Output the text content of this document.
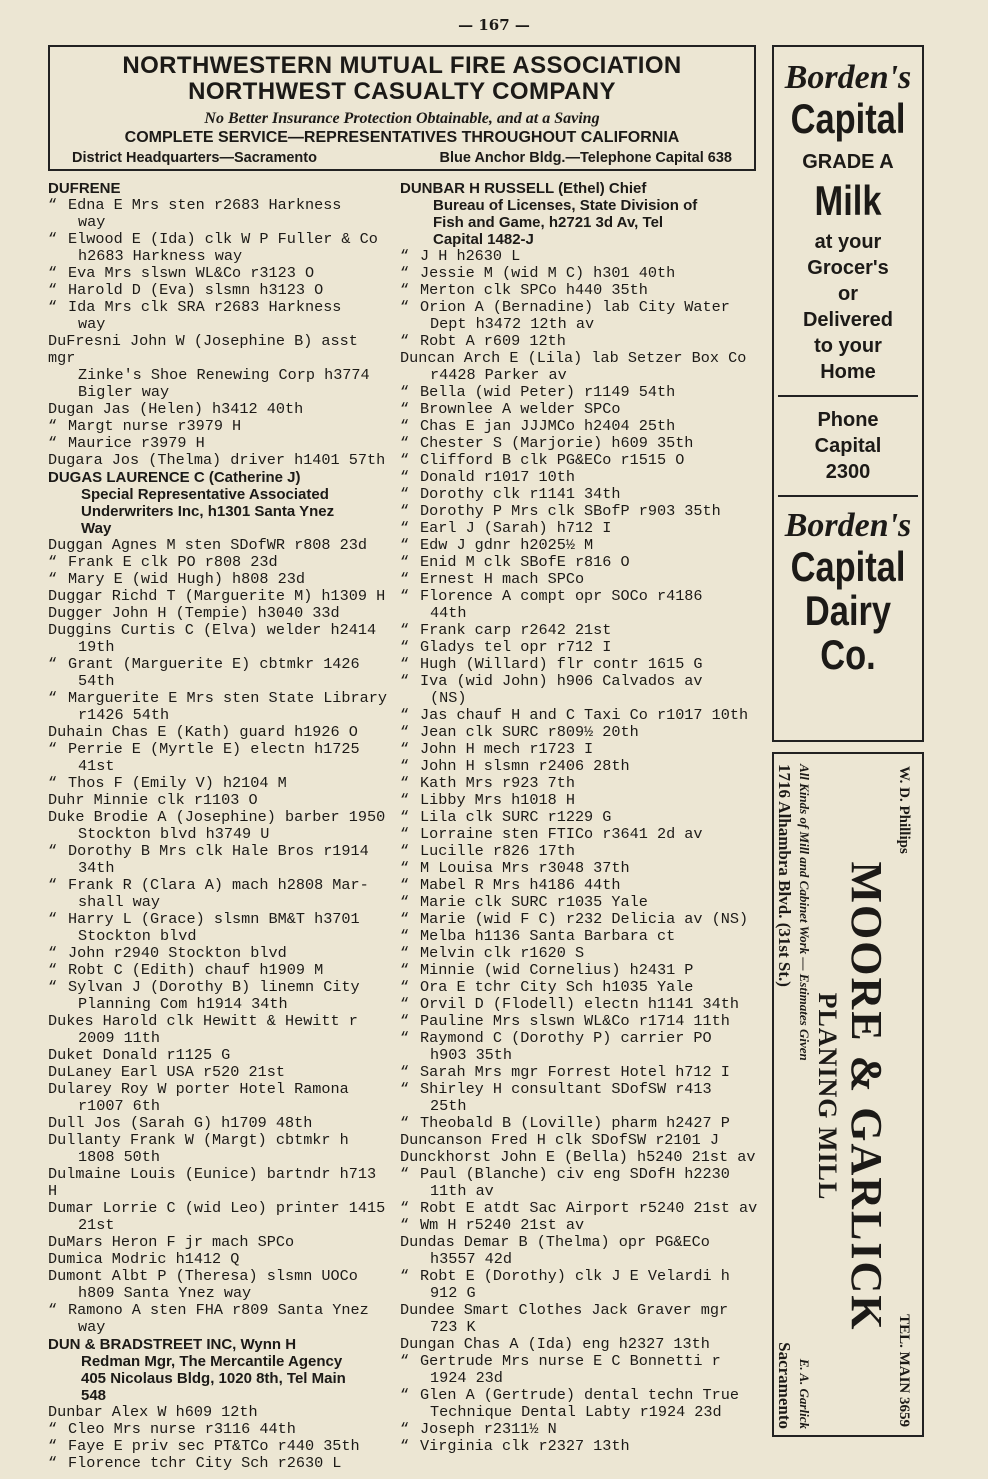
— 167 —
NORTHWESTERN MUTUAL FIRE ASSOCIATION
NORTHWEST CASUALTY COMPANY
No Better Insurance Protection Obtainable, and at a Saving
COMPLETE SERVICE—REPRESENTATIVES THROUGHOUT CALIFORNIA
District Headquarters—Sacramento	Blue Anchor Bldg.—Telephone Capital 638
DUFRENE
“ Edna E Mrs sten r2683 Harkness
way
“ Elwood E (Ida) clk W P Fuller & Co
h2683 Harkness way
“ Eva Mrs slswn WL&Co r3123 O
“ Harold D (Eva) slsmn h3123 O
“ Ida Mrs clk SRA r2683 Harkness
way
DuFresni John W (Josephine B) asst mgr
Zinke's Shoe Renewing Corp h3774
Bigler way
Dugan Jas (Helen) h3412 40th
“ Margt nurse r3979 H
“ Maurice r3979 H
Dugara Jos (Thelma) driver h1401 57th
DUGAS LAURENCE C (Catherine J)
Special Representative Associated
Underwriters Inc, h1301 Santa Ynez
Way
Duggan Agnes M sten SDofWR r808 23d
“ Frank E clk PO r808 23d
“ Mary E (wid Hugh) h808 23d
Duggar Richd T (Marguerite M) h1309 H
Dugger John H (Tempie) h3040 33d
Duggins Curtis C (Elva) welder h2414
19th
“ Grant (Marguerite E) cbtmkr 1426
54th
“ Marguerite E Mrs sten State Library
r1426 54th
Duhain Chas E (Kath) guard h1926 O
“ Perrie E (Myrtle E) electn h1725
41st
“ Thos F (Emily V) h2104 M
Duhr Minnie clk r1103 O
Duke Brodie A (Josephine) barber 1950
Stockton blvd h3749 U
“ Dorothy B Mrs clk Hale Bros r1914
34th
“ Frank R (Clara A) mach h2808 Mar-
shall way
“ Harry L (Grace) slsmn BM&T h3701
Stockton blvd
“ John r2940 Stockton blvd
“ Robt C (Edith) chauf h1909 M
“ Sylvan J (Dorothy B) linemn City
Planning Com h1914 34th
Dukes Harold clk Hewitt & Hewitt r
2009 11th
Duket Donald r1125 G
DuLaney Earl USA r520 21st
Dularey Roy W porter Hotel Ramona
r1007 6th
Dull Jos (Sarah G) h1709 48th
Dullanty Frank W (Margt) cbtmkr h
1808 50th
Dulmaine Louis (Eunice) bartndr h713 H
Dumar Lorrie C (wid Leo) printer 1415
21st
DuMars Heron F jr mach SPCo
Dumica Modric h1412 Q
Dumont Albt P (Theresa) slsmn UOCo
h809 Santa Ynez way
“ Ramono A sten FHA r809 Santa Ynez
way
DUN & BRADSTREET INC, Wynn H
Redman Mgr, The Mercantile Agency
405 Nicolaus Bldg, 1020 8th, Tel Main
548
Dunbar Alex W h609 12th
“ Cleo Mrs nurse r3116 44th
“ Faye E priv sec PT&TCo r440 35th
“ Florence tchr City Sch r2630 L
DUNBAR H RUSSELL (Ethel) Chief
Bureau of Licenses, State Division of
Fish and Game, h2721 3d Av, Tel
Capital 1482-J
“ J H h2630 L
“ Jessie M (wid M C) h301 40th
“ Merton clk SPCo h440 35th
“ Orion A (Bernadine) lab City Water
Dept h3472 12th av
“ Robt A r609 12th
Duncan Arch E (Lila) lab Setzer Box Co
r4428 Parker av
“ Bella (wid Peter) r1149 54th
“ Brownlee A welder SPCo
“ Chas E jan JJJMCo h2404 25th
“ Chester S (Marjorie) h609 35th
“ Clifford B clk PG&ECo r1515 O
“ Donald r1017 10th
“ Dorothy clk r1141 34th
“ Dorothy P Mrs clk SBofP r903 35th
“ Earl J (Sarah) h712 I
“ Edw J gdnr h2025½ M
“ Enid M clk SBofE r816 O
“ Ernest H mach SPCo
“ Florence A compt opr SOCo r4186
44th
“ Frank carp r2642 21st
“ Gladys tel opr r712 I
“ Hugh (Willard) flr contr 1615 G
“ Iva (wid John) h906 Calvados av
(NS)
“ Jas chauf H and C Taxi Co r1017 10th
“ Jean clk SURC r809½ 20th
“ John H mech r1723 I
“ John H slsmn r2406 28th
“ Kath Mrs r923 7th
“ Libby Mrs h1018 H
“ Lila clk SURC r1229 G
“ Lorraine sten FTICo r3641 2d av
“ Lucille r826 17th
“ M Louisa Mrs r3048 37th
“ Mabel R Mrs h4186 44th
“ Marie clk SURC r1035 Yale
“ Marie (wid F C) r232 Delicia av (NS)
“ Melba h1136 Santa Barbara ct
“ Melvin clk r1620 S
“ Minnie (wid Cornelius) h2431 P
“ Ora E tchr City Sch h1035 Yale
“ Orvil D (Flodell) electn h1141 34th
“ Pauline Mrs slswn WL&Co r1714 11th
“ Raymond C (Dorothy P) carrier PO
h903 35th
“ Sarah Mrs mgr Forrest Hotel h712 I
“ Shirley H consultant SDofSW r413
25th
“ Theobald B (Loville) pharm h2427 P
Duncanson Fred H clk SDofSW r2101 J
Dunckhorst John E (Bella) h5240 21st av
“ Paul (Blanche) civ eng SDofH h2230
11th av
“ Robt E atdt Sac Airport r5240 21st av
“ Wm H r5240 21st av
Dundas Demar B (Thelma) opr PG&ECo
h3557 42d
“ Robt E (Dorothy) clk J E Velardi h
912 G
Dundee Smart Clothes Jack Graver mgr
723 K
Dungan Chas A (Ida) eng h2327 13th
“ Gertrude Mrs nurse E C Bonnetti r
1924 23d
“ Glen A (Gertrude) dental techn True
Technique Dental Labty r1924 23d
“ Joseph r2311½ N
“ Virginia clk r2327 13th
Borden's
Capital
GRADE A
Milk
at your
Grocer's
or
Delivered
to your
Home
Phone
Capital
2300
Borden's
Capital
Dairy
Co.
W. D. Phillips
TEL. MAIN 3659
MOORE & GARLICK
PLANING MILL
All Kinds of Mill and Cabinet Work — Estimates Given
E. A. Garlick
1716 Alhambra Blvd. (31st St.)
Sacramento
